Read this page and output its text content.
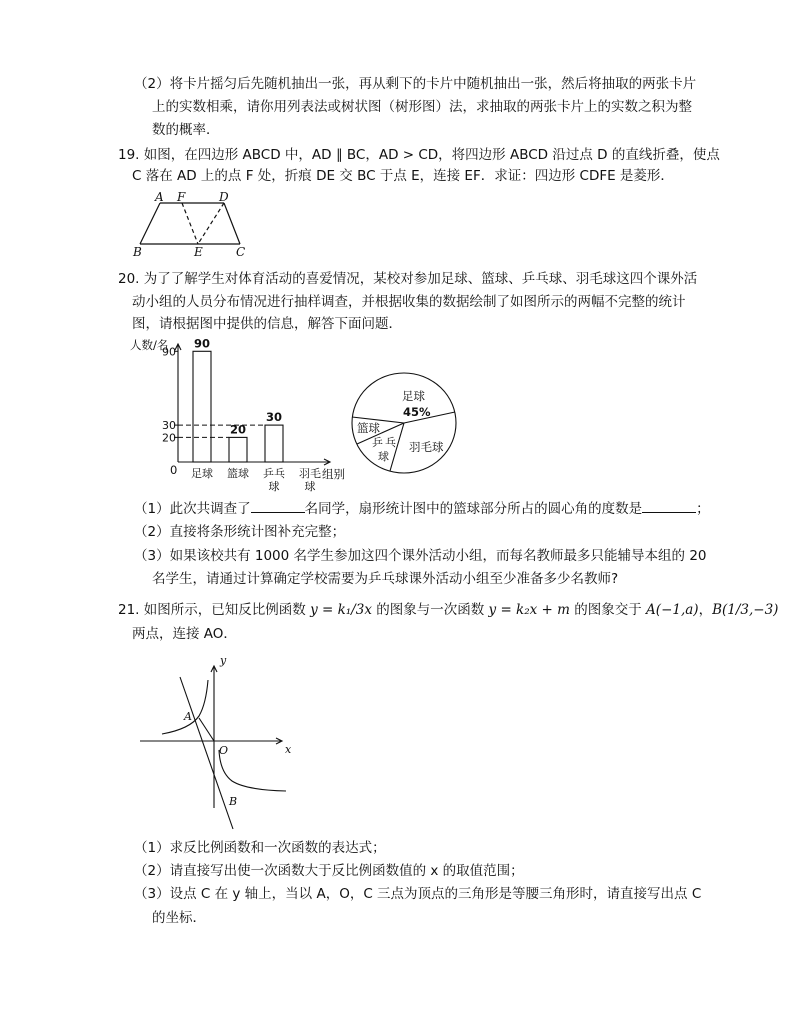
（2）将卡片摇匀后先随机抽出一张，再从剩下的卡片中随机抽出一张，然后将抽取的两张卡片
上的实数相乘，请你用列表法或树状图（树形图）法，求抽取的两张卡片上的实数之积为整
数的概率．
19. 如图，在四边形 ABCD 中，AD ∥ BC，AD > CD，将四边形 ABCD 沿过点 D 的直线折叠，使点
C 落在 AD 上的点 F 处，折痕 DE 交 BC 于点 E，连接 EF．求证：四边形 CDFE 是菱形．
A F	D
B	E	C
20. 为了了解学生对体育活动的喜爱情况，某校对参加足球、篮球、乒乓球、羽毛球这四个课外活
动小组的人员分布情况进行抽样调查，并根据收集的数据绘制了如图所示的两幅不完整的统计
图，请根据图中提供的信息，解答下面问题．
人数/名
组别
0
20
30
90
足球
90
篮球
20
乒乓
球
30
羽毛
球
足球
45%
篮球
乒 乓
球
羽毛球
（1）此次共调查了	名同学，扇形统计图中的篮球部分所占的圆心角的度数是	；
（2）直接将条形统计图补充完整；
（3）如果该校共有 1000 名学生参加这四个课外活动小组，而每名教师最多只能辅导本组的 20
名学生，请通过计算确定学校需要为乒乓球课外活动小组至少准备多少名教师?
21. 如图所示，已知反比例函数 y = k₁/3x 的图象与一次函数 y = k₂x + m 的图象交于 A(−1,a)，B(1/3,−3)
两点，连接 AO．
y
x
O
A
B
（1）求反比例函数和一次函数的表达式；
（2）请直接写出使一次函数大于反比例函数值的 x 的取值范围；
（3）设点 C 在 y 轴上，当以 A，O，C 三点为顶点的三角形是等腰三角形时，请直接写出点 C
的坐标．
